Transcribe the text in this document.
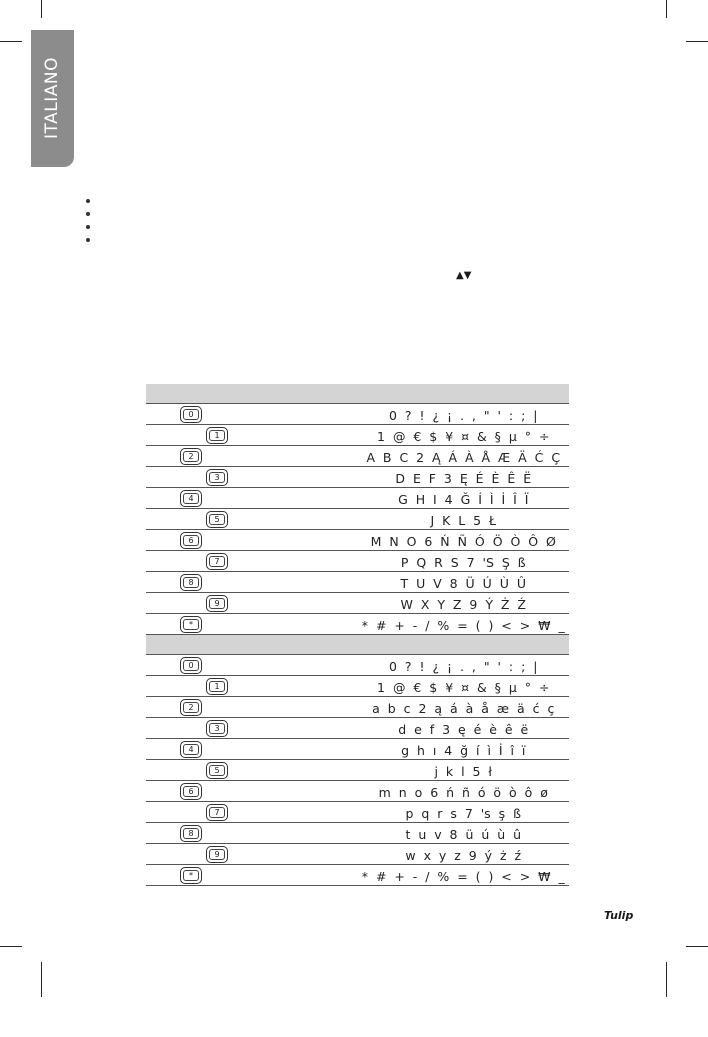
ITALIANO
▲▼

0	0  ?  !  ¿  ¡  .  ,  "  '  :  ;  |

1	1  @  €  $  ¥  ¤  &  §  µ  °  ÷

2	A  B  C  2  Ą  Á  À  Å  Æ  Ä  Ć  Ç

3	D  E  F  3  Ę  É  È  Ê  Ë

4	G  H  I  4  Ğ  Í  Ì  İ  Î  Ï

5	J  K  L  5  Ł

6	M  N  O  6  Ń  Ñ  Ó  Ö  Ò  Ô  Ø

7	P  Q  R  S  7  'S  Ş  ß

8	T  U  V  8  Ü  Ú  Ù  Û

9	W  X  Y  Z  9  Ý  Ż  Ź

*	*  #  +  -  /  %  =  (  )  <  >  ₩  _

0	0  ?  !  ¿  ¡  .  ,  "  '  :  ;  |

1	1  @  €  $  ¥  ¤  &  §  µ  °  ÷

2	a  b  c  2  ą  á  à  å  æ  ä  ć  ç

3	d  e  f  3  ę  é  è  ê  ë

4	g  h  ı  4  ğ  í  ì  İ  î  ï

5	j  k  l  5  ł

6	m  n  o  6  ń  ñ  ó  ö  ò  ô  ø

7	p  q  r  s  7  's  ş  ß

8	t  u  v  8  ü  ú  ù  û

9	w  x  y  z  9  ý  ż  ź

*	*  #  +  -  /  %  =  (  )  <  >  ₩  _
Tulip
